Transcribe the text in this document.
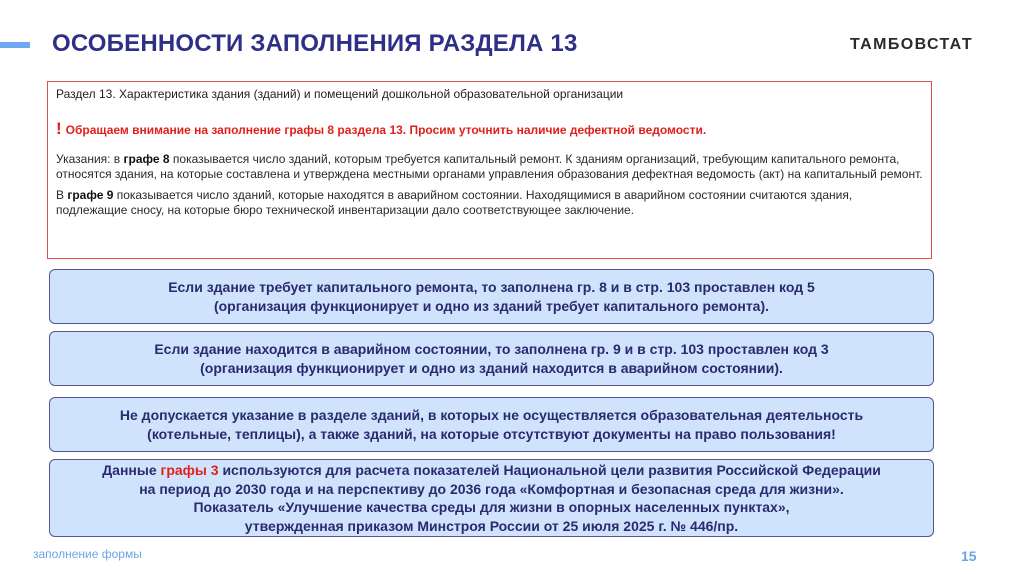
ОСОБЕННОСТИ ЗАПОЛНЕНИЯ РАЗДЕЛА 13	ТАМБОВСТАТ
Раздел 13. Характеристика здания (зданий) и помещений дошкольной образовательной организации
! Обращаем внимание на заполнение графы 8 раздела 13. Просим уточнить наличие дефектной ведомости.
Указания: в графе 8 показывается число зданий, которым требуется капитальный ремонт. К зданиям организаций, требующим капитального ремонта, относятся здания, на которые составлена и утверждена местными органами управления образования дефектная ведомость (акт) на капитальный ремонт.
В графе 9 показывается число зданий, которые находятся в аварийном состоянии. Находящимися в аварийном состоянии считаются здания, подлежащие сносу, на которые бюро технической инвентаризации дало соответствующее заключение.
Если здание требует капитального ремонта, то заполнена гр. 8 и в стр. 103 проставлен код 5
(организация функционирует и одно из зданий требует капитального ремонта).
Если здание находится в аварийном состоянии, то заполнена гр. 9 и в стр. 103 проставлен код 3
(организация функционирует и одно из зданий находится в аварийном состоянии).
Не допускается указание в разделе зданий, в которых не осуществляется образовательная деятельность
(котельные, теплицы), а также зданий, на которые отсутствуют документы на право пользования!
Данные графы 3 используются для расчета показателей Национальной цели развития Российской Федерации
на период до 2030 года и на перспективу до 2036 года «Комфортная и безопасная среда для жизни».
Показатель «Улучшение качества среды для жизни в опорных населенных пунктах»,
утвержденная приказом Минстроя России от 25 июля 2025 г. № 446/пр.
заполнение формы	15
